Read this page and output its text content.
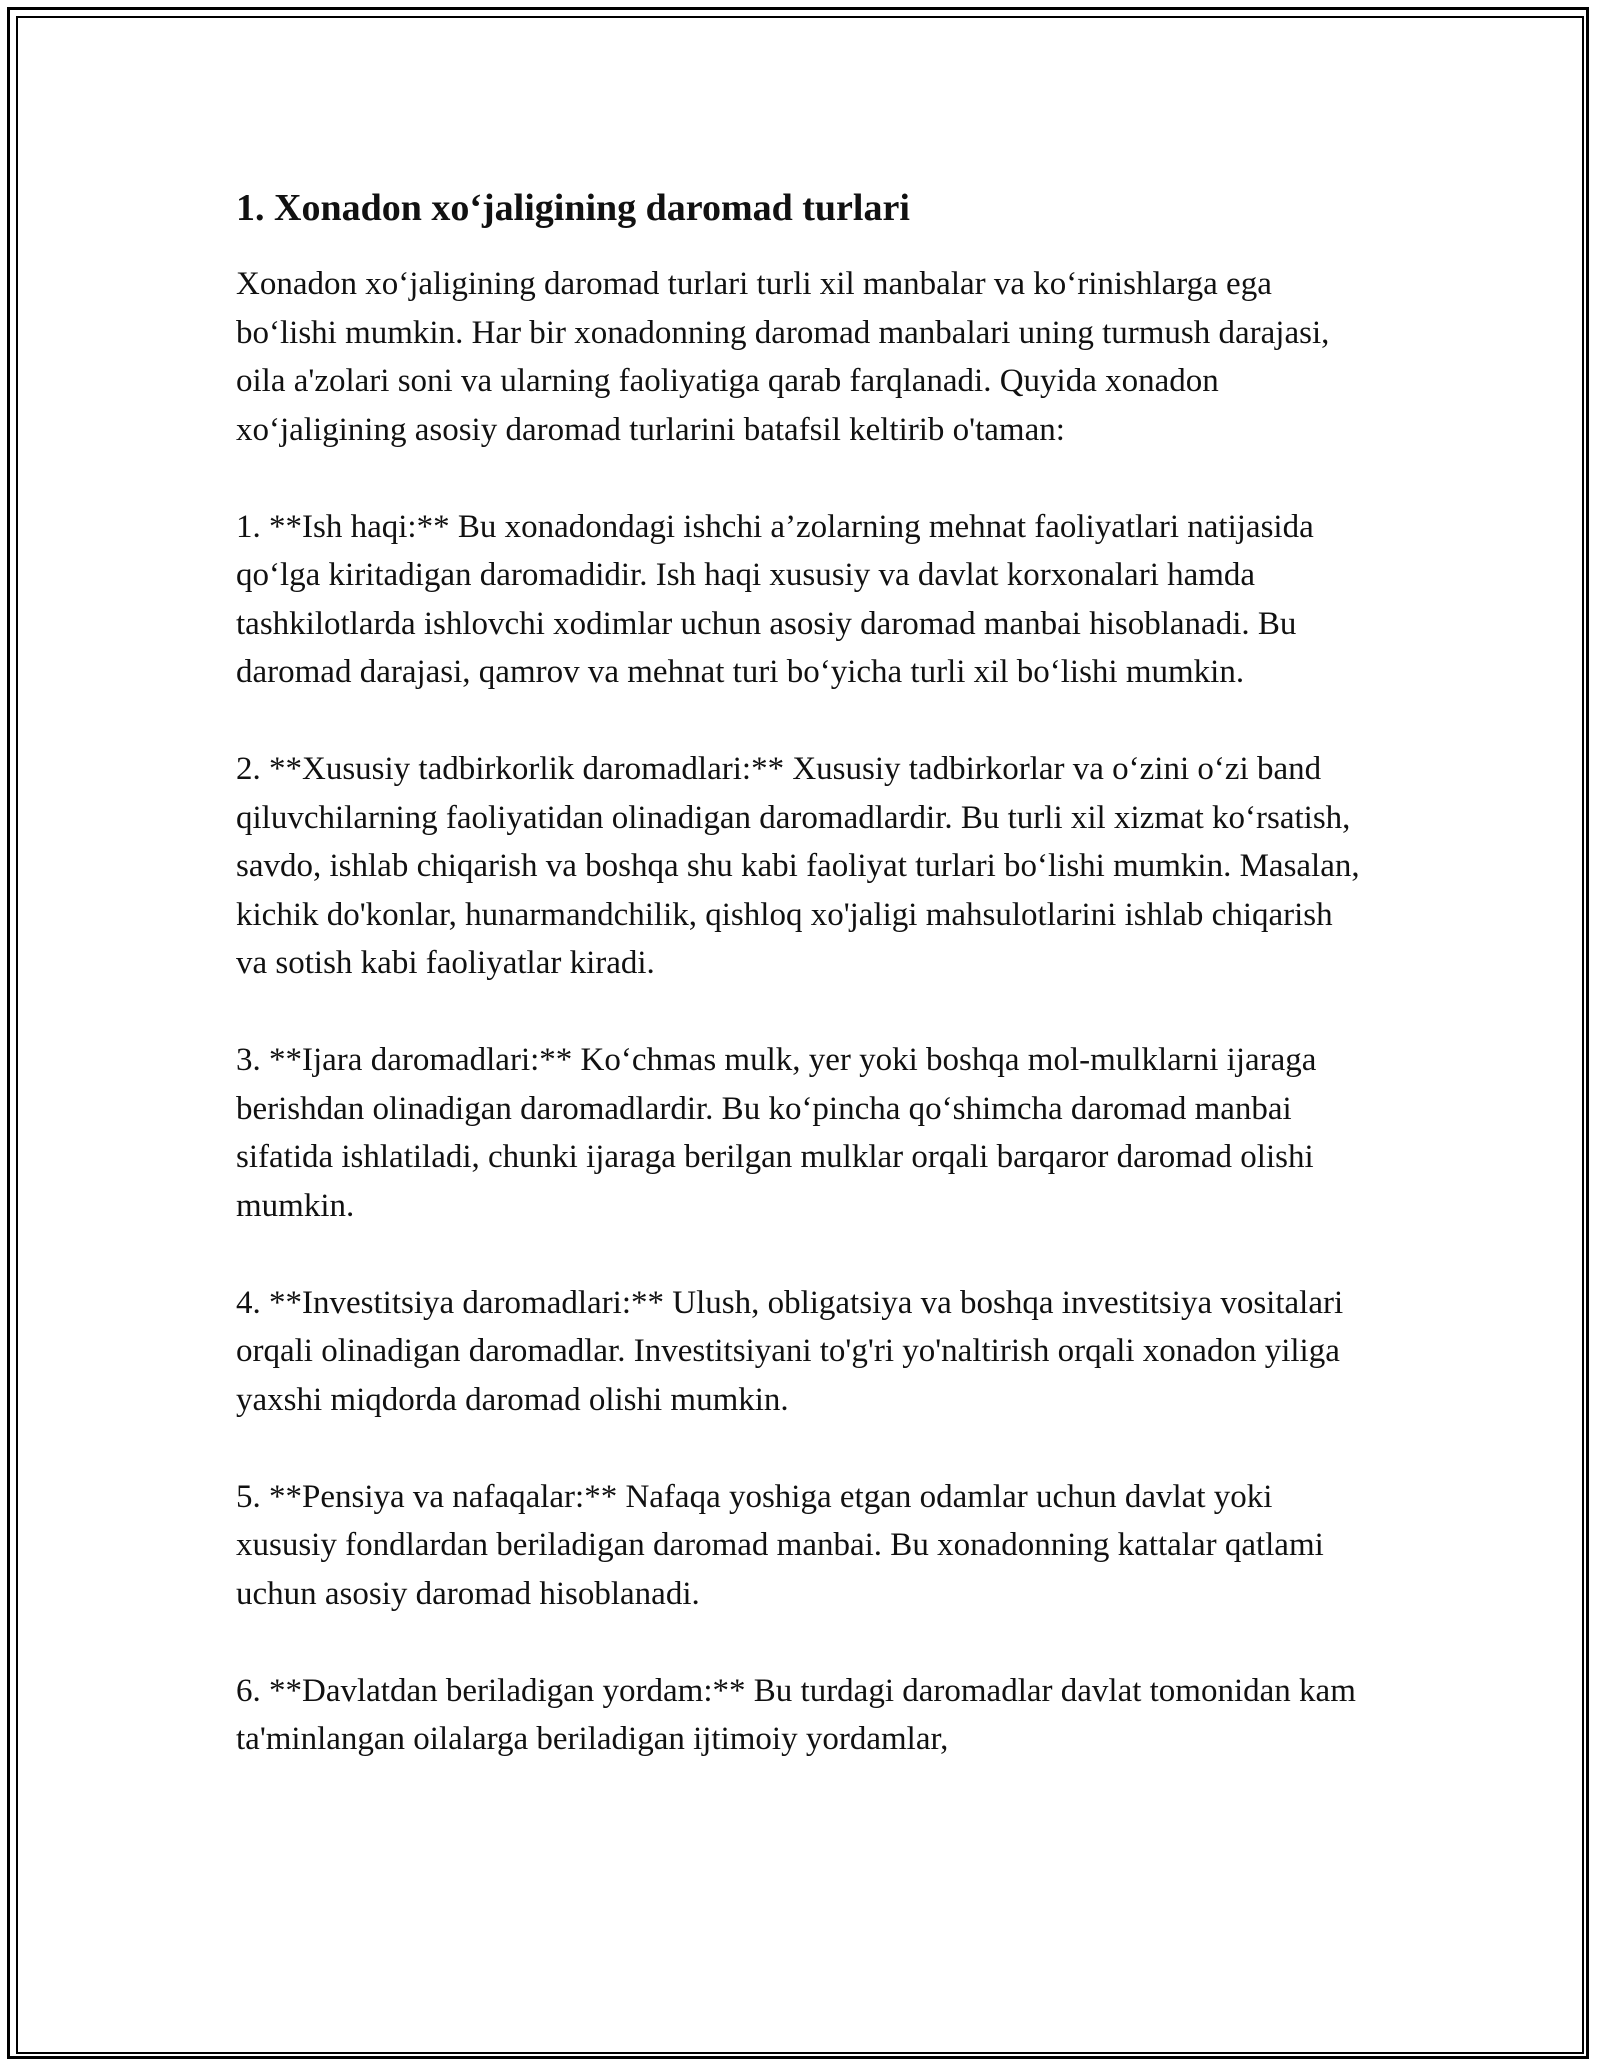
1. Xonadon xo‘jaligining daromad turlari

Xonadon xo‘jaligining daromad turlari turli xil manbalar va ko‘rinishlarga ega bo‘lishi mumkin. Har bir xonadonning daromad manbalari uning turmush darajasi, oila a'zolari soni va ularning faoliyatiga qarab farqlanadi. Quyida xonadon xo‘jaligining asosiy daromad turlarini batafsil keltirib o'taman:

1. **Ish haqi:** Bu xonadondagi ishchi a’zolarning mehnat faoliyatlari natijasida qo‘lga kiritadigan daromadidir. Ish haqi xususiy va davlat korxonalari hamda tashkilotlarda ishlovchi xodimlar uchun asosiy daromad manbai hisoblanadi. Bu daromad darajasi, qamrov va mehnat turi bo‘yicha turli xil bo‘lishi mumkin.

2. **Xususiy tadbirkorlik daromadlari:** Xususiy tadbirkorlar va o‘zini o‘zi band qiluvchilarning faoliyatidan olinadigan daromadlardir. Bu turli xil xizmat ko‘rsatish, savdo, ishlab chiqarish va boshqa shu kabi faoliyat turlari bo‘lishi mumkin. Masalan, kichik do'konlar, hunarmandchilik, qishloq xo'jaligi mahsulotlarini ishlab chiqarish va sotish kabi faoliyatlar kiradi.

3. **Ijara daromadlari:** Ko‘chmas mulk, yer yoki boshqa mol-mulklarni ijaraga berishdan olinadigan daromadlardir. Bu ko‘pincha qo‘shimcha daromad manbai sifatida ishlatiladi, chunki ijaraga berilgan mulklar orqali barqaror daromad olishi mumkin.

4. **Investitsiya daromadlari:** Ulush, obligatsiya va boshqa investitsiya vositalari orqali olinadigan daromadlar. Investitsiyani to'g'ri yo'naltirish orqali xonadon yiliga yaxshi miqdorda daromad olishi mumkin.

5. **Pensiya va nafaqalar:** Nafaqa yoshiga etgan odamlar uchun davlat yoki xususiy fondlardan beriladigan daromad manbai. Bu xonadonning kattalar qatlami uchun asosiy daromad hisoblanadi.

6. **Davlatdan beriladigan yordam:** Bu turdagi daromadlar davlat tomonidan kam ta'minlangan oilalarga beriladigan ijtimoiy yordamlar,
